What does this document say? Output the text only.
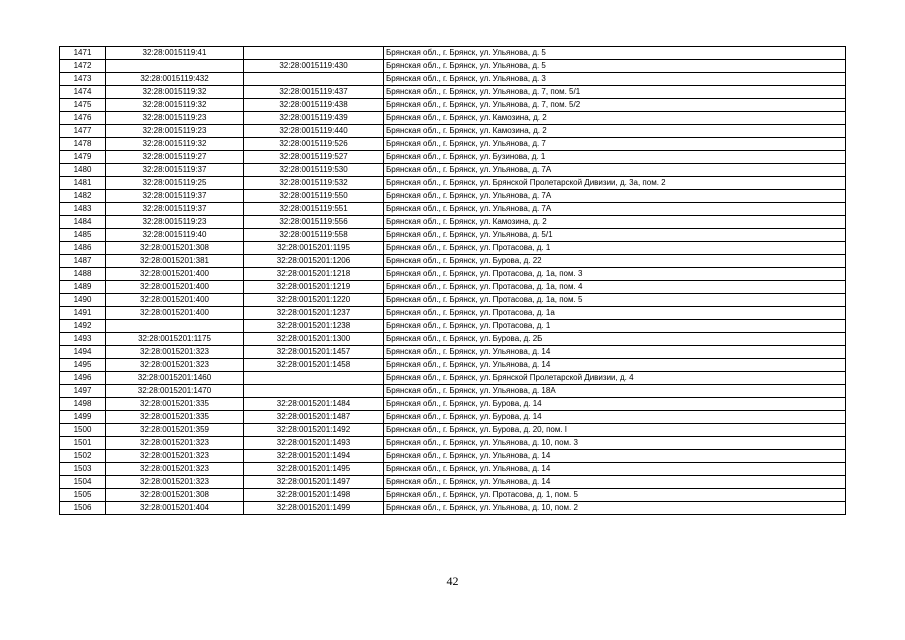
1471	32:28:0015119:41		Брянская обл., г. Брянск, ул. Ульянова, д. 5
1472		32:28:0015119:430	Брянская обл., г. Брянск, ул. Ульянова, д. 5
1473	32:28:0015119:432		Брянская обл., г. Брянск, ул. Ульянова, д. 3
1474	32:28:0015119:32	32:28:0015119:437	Брянская обл., г. Брянск, ул. Ульянова, д. 7, пом. 5/1
1475	32:28:0015119:32	32:28:0015119:438	Брянская обл., г. Брянск, ул. Ульянова, д. 7, пом. 5/2
1476	32:28:0015119:23	32:28:0015119:439	Брянская обл., г. Брянск, ул. Камозина, д. 2
1477	32:28:0015119:23	32:28:0015119:440	Брянская обл., г. Брянск, ул. Камозина, д. 2
1478	32:28:0015119:32	32:28:0015119:526	Брянская обл., г. Брянск, ул. Ульянова, д. 7
1479	32:28:0015119:27	32:28:0015119:527	Брянская обл., г. Брянск, ул. Бузинова, д. 1
1480	32:28:0015119:37	32:28:0015119:530	Брянская обл., г. Брянск, ул. Ульянова, д. 7А
1481	32:28:0015119:25	32:28:0015119:532	Брянская обл., г. Брянск, ул. Брянской Пролетарской Дивизии, д. 3а, пом. 2
1482	32:28:0015119:37	32:28:0015119:550	Брянская обл., г. Брянск, ул. Ульянова, д. 7А
1483	32:28:0015119:37	32:28:0015119:551	Брянская обл., г. Брянск, ул. Ульянова, д. 7А
1484	32:28:0015119:23	32:28:0015119:556	Брянская обл., г. Брянск, ул. Камозина, д. 2
1485	32:28:0015119:40	32:28:0015119:558	Брянская обл., г. Брянск, ул. Ульянова, д. 5/1
1486	32:28:0015201:308	32:28:0015201:1195	Брянская обл., г. Брянск, ул. Протасова, д. 1
1487	32:28:0015201:381	32:28:0015201:1206	Брянская обл., г. Брянск, ул. Бурова, д. 22
1488	32:28:0015201:400	32:28:0015201:1218	Брянская обл., г. Брянск, ул. Протасова, д. 1а, пом. 3
1489	32:28:0015201:400	32:28:0015201:1219	Брянская обл., г. Брянск, ул. Протасова, д. 1а, пом. 4
1490	32:28:0015201:400	32:28:0015201:1220	Брянская обл., г. Брянск, ул. Протасова, д. 1а, пом. 5
1491	32:28:0015201:400	32:28:0015201:1237	Брянская обл., г. Брянск, ул. Протасова, д. 1а
1492		32:28:0015201:1238	Брянская обл., г. Брянск, ул. Протасова, д. 1
1493	32:28:0015201:1175	32:28:0015201:1300	Брянская обл., г. Брянск, ул. Бурова, д. 2Б
1494	32:28:0015201:323	32:28:0015201:1457	Брянская обл., г. Брянск, ул. Ульянова, д. 14
1495	32:28:0015201:323	32:28:0015201:1458	Брянская обл., г. Брянск, ул. Ульянова, д. 14
1496	32:28:0015201:1460		Брянская обл., г. Брянск, ул. Брянской Пролетарской Дивизии, д. 4
1497	32:28:0015201:1470		Брянская обл., г. Брянск, ул. Ульянова, д. 18А
1498	32:28:0015201:335	32:28:0015201:1484	Брянская обл., г. Брянск, ул. Бурова, д. 14
1499	32:28:0015201:335	32:28:0015201:1487	Брянская обл., г. Брянск, ул. Бурова, д. 14
1500	32:28:0015201:359	32:28:0015201:1492	Брянская обл., г. Брянск, ул. Бурова, д. 20, пом. I
1501	32:28:0015201:323	32:28:0015201:1493	Брянская обл., г. Брянск, ул. Ульянова, д. 10, пом. 3
1502	32:28:0015201:323	32:28:0015201:1494	Брянская обл., г. Брянск, ул. Ульянова, д. 14
1503	32:28:0015201:323	32:28:0015201:1495	Брянская обл., г. Брянск, ул. Ульянова, д. 14
1504	32:28:0015201:323	32:28:0015201:1497	Брянская обл., г. Брянск, ул. Ульянова, д. 14
1505	32:28:0015201:308	32:28:0015201:1498	Брянская обл., г. Брянск, ул. Протасова, д. 1, пом. 5
1506	32:28:0015201:404	32:28:0015201:1499	Брянская обл., г. Брянск, ул. Ульянова, д. 10, пом. 2
42
